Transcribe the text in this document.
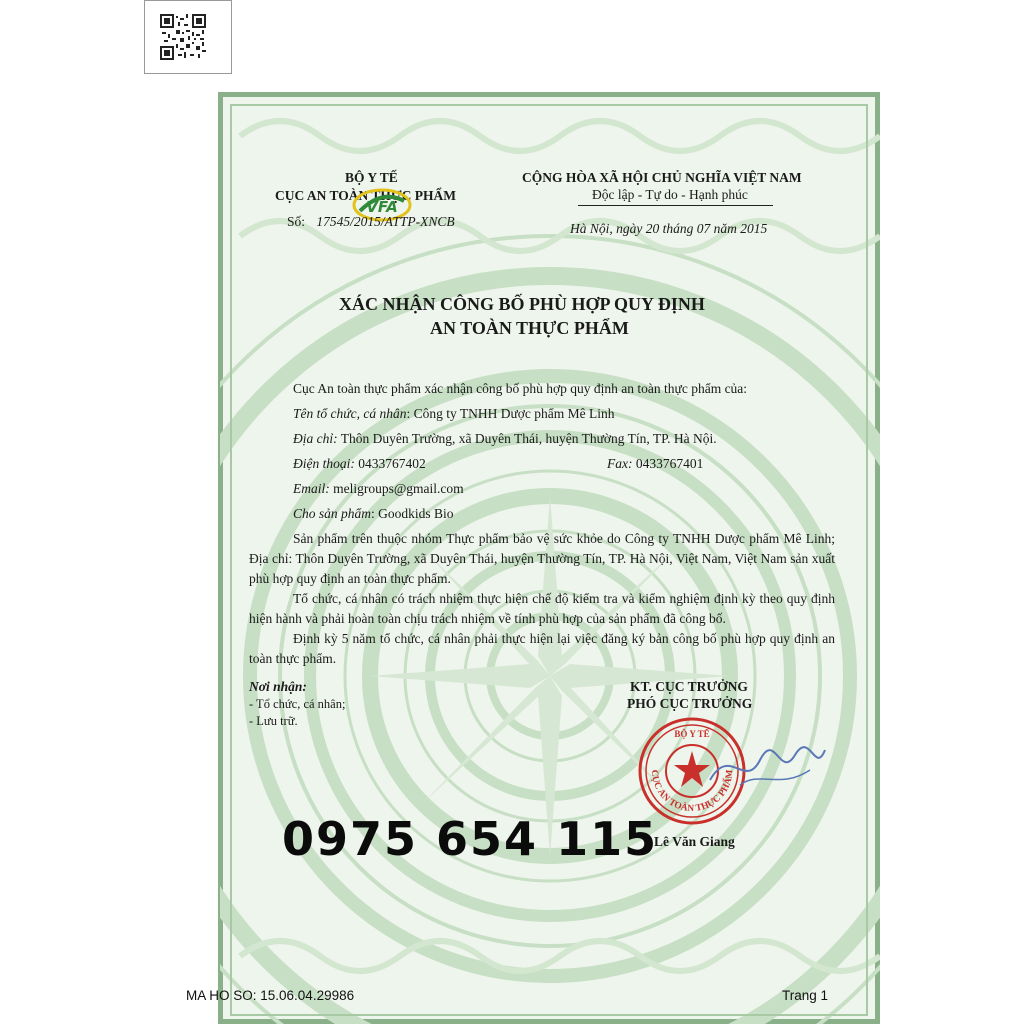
BỘ Y TẾ
CỤC AN TOÀN THỰC PHẨM
VFA
Số: 17545/2015/ATTP-XNCB
CỘNG HÒA XÃ HỘI CHỦ NGHĨA VIỆT NAM
Độc lập - Tự do - Hạnh phúc
Hà Nội, ngày 20 tháng 07 năm 2015
XÁC NHẬN CÔNG BỐ PHÙ HỢP QUY ĐỊNH
AN TOÀN THỰC PHẨM
Cục An toàn thực phẩm xác nhận công bố phù hợp quy định an toàn thực phẩm của:
Tên tổ chức, cá nhân: Công ty TNHH Dược phẩm Mê Linh
Địa chỉ: Thôn Duyên Trường, xã Duyên Thái, huyện Thường Tín, TP. Hà Nội.
Điện thoại: 0433767402	Fax: 0433767401
Email: meligroups@gmail.com
Cho sản phẩm: Goodkids Bio
Sản phẩm trên thuộc nhóm Thực phẩm bảo vệ sức khỏe do Công ty TNHH Dược phẩm Mê Linh; Địa chỉ: Thôn Duyên Trường, xã Duyên Thái, huyện Thường Tín, TP. Hà Nội, Việt Nam, Việt Nam sản xuất phù hợp quy định an toàn thực phẩm.
Tổ chức, cá nhân có trách nhiệm thực hiện chế độ kiểm tra và kiểm nghiệm định kỳ theo quy định hiện hành và phải hoàn toàn chịu trách nhiệm về tính phù hợp của sản phẩm đã công bố.
Định kỳ 5 năm tổ chức, cá nhân phải thực hiện lại việc đăng ký bản công bố phù hợp quy định an toàn thực phẩm.
Nơi nhận:
- Tổ chức, cá nhân;
- Lưu trữ.
KT. CỤC TRƯỞNG
PHÓ CỤC TRƯỞNG
BỘ Y TẾ
CỤC AN TOÀN THỰC PHẨM
Lê Văn Giang
0975 654 115
MA HO SO: 15.06.04.29986	Trang 1
